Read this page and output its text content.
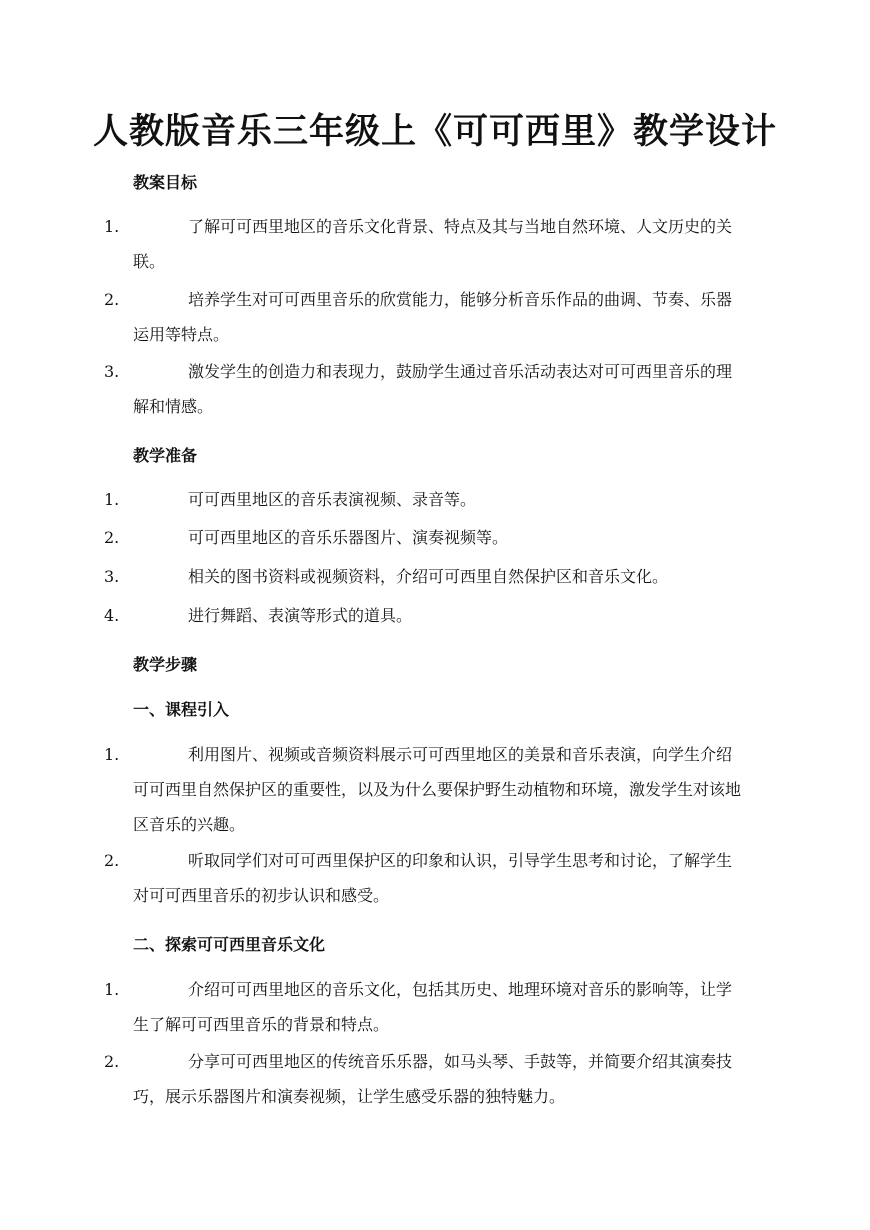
人教版音乐三年级上《可可西里》教学设计
教案目标
1.	了解可可西里地区的音乐文化背景、特点及其与当地自然环境、人文历史的关联。
2.	培养学生对可可西里音乐的欣赏能力，能够分析音乐作品的曲调、节奏、乐器运用等特点。
3.	激发学生的创造力和表现力，鼓励学生通过音乐活动表达对可可西里音乐的理解和情感。
教学准备
1.	可可西里地区的音乐表演视频、录音等。
2.	可可西里地区的音乐乐器图片、演奏视频等。
3.	相关的图书资料或视频资料，介绍可可西里自然保护区和音乐文化。
4.	进行舞蹈、表演等形式的道具。
教学步骤
一、课程引入
1.	利用图片、视频或音频资料展示可可西里地区的美景和音乐表演，向学生介绍可可西里自然保护区的重要性，以及为什么要保护野生动植物和环境，激发学生对该地区音乐的兴趣。
2.	听取同学们对可可西里保护区的印象和认识，引导学生思考和讨论，了解学生对可可西里音乐的初步认识和感受。
二、探索可可西里音乐文化
1.	介绍可可西里地区的音乐文化，包括其历史、地理环境对音乐的影响等，让学生了解可可西里音乐的背景和特点。
2.	分享可可西里地区的传统音乐乐器，如马头琴、手鼓等，并简要介绍其演奏技巧，展示乐器图片和演奏视频，让学生感受乐器的独特魅力。
